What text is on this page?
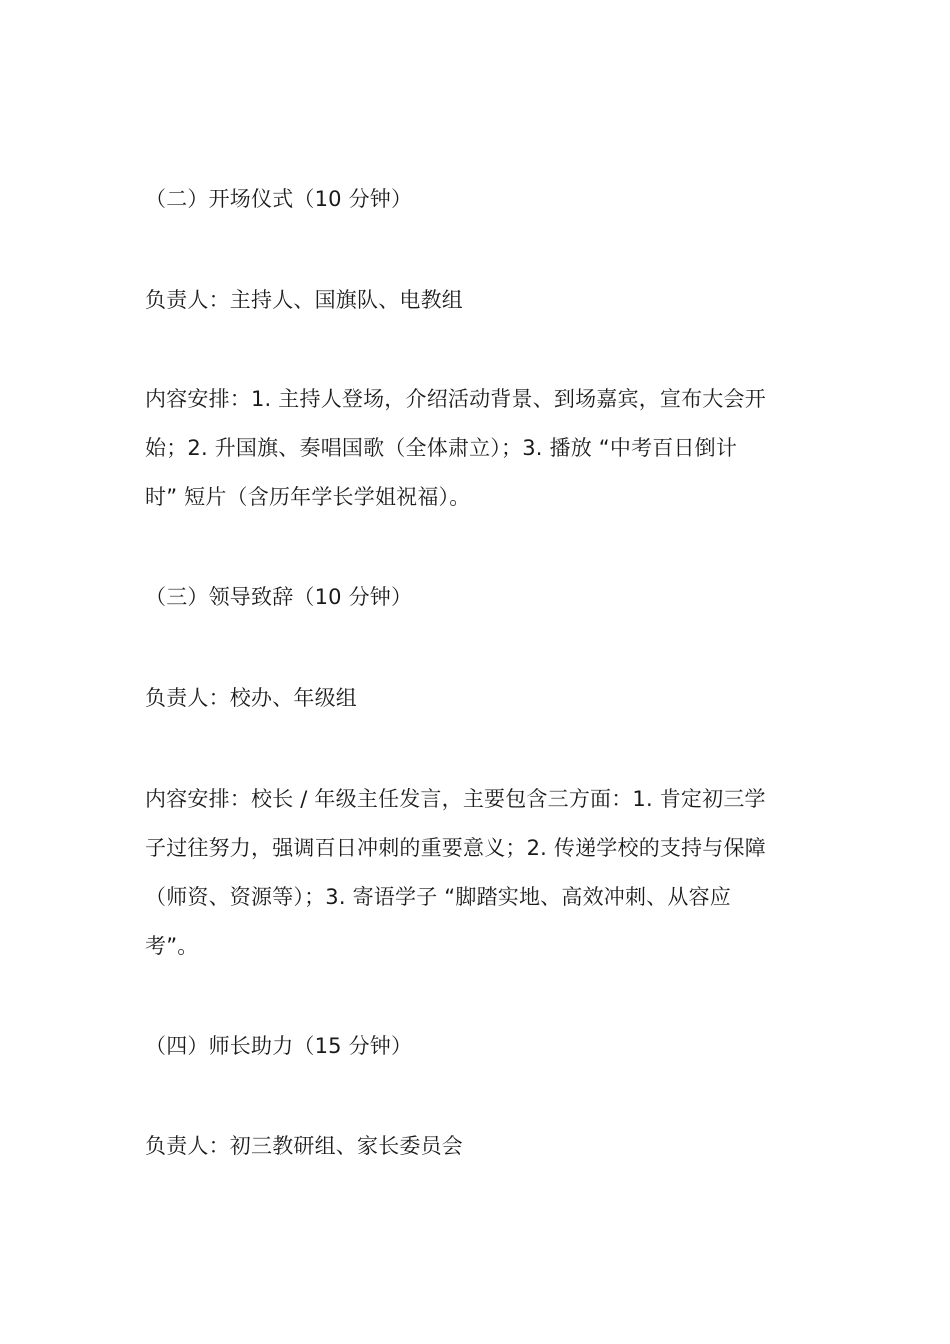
（二）开场仪式（10 分钟）
负责人：主持人、国旗队、电教组
内容安排：1. 主持人登场，介绍活动背景、到场嘉宾，宣布大会开
始；2. 升国旗、奏唱国歌（全体肃立）；3. 播放 “中考百日倒计
时” 短片（含历年学长学姐祝福）。
（三）领导致辞（10 分钟）
负责人：校办、年级组
内容安排：校长 / 年级主任发言，主要包含三方面：1. 肯定初三学
子过往努力，强调百日冲刺的重要意义；2. 传递学校的支持与保障
（师资、资源等）；3. 寄语学子 “脚踏实地、高效冲刺、从容应
考”。
（四）师长助力（15 分钟）
负责人：初三教研组、家长委员会
